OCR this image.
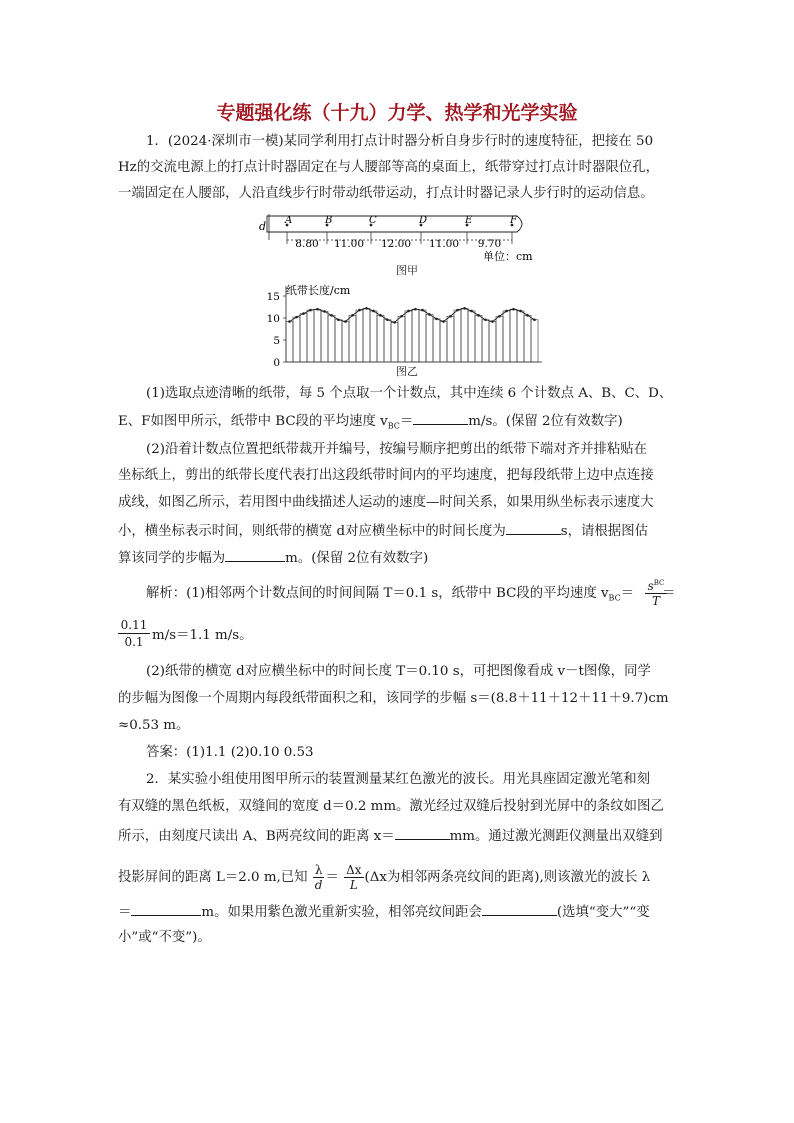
专题强化练（十九）力学、热学和光学实验
1．(2024·深圳市一模)某同学利用打点计时器分析自身步行时的速度特征，把接在 50
Hz的交流电源上的打点计时器固定在与人腰部等高的桌面上，纸带穿过打点计时器限位孔，
一端固定在人腰部，人沿直线步行时带动纸带运动，打点计时器记录人步行时的运动信息。
A	B	C	D	E	F
8.80 11.00 12.00 11.00 9.70
d
单位：cm
图甲
纸带长度/cm
0
5
10
15
图乙
(1)选取点迹清晰的纸带，每 5 个点取一个计数点，其中连续 6 个计数点 A、B、C、D、
E、F如图甲所示，纸带中 BC段的平均速度 $v_{BC}=$	m/s。(保留 2位有效数字)
(2)沿着计数点位置把纸带裁开并编号，按编号顺序把剪出的纸带下端对齐并排粘贴在
坐标纸上，剪出的纸带长度代表打出这段纸带时间内的平均速度，把每段纸带上边中点连接
成线，如图乙所示，若用图中曲线描述人运动的速度—时间关系，如果用纵坐标表示速度大
小，横坐标表示时间，则纸带的横宽 d对应横坐标中的时间长度为	s，请根据图估
算该同学的步幅为	m。(保留 2位有效数字)
解析：(1)相邻两个计数点间的时间间隔 T＝0.1 s，纸带中 BC段的平均速度 $v_{BC}= s^{BC}$
T ＝
$\frac{0.11}{0.1} m/s=1.1$ m/s。
(2)纸带的横宽 d对应横坐标中的时间长度 T＝0.10 s，可把图像看成 v－t图像，同学
的步幅为图像一个周期内每段纸带面积之和，该同学的步幅 s＝(8.8＋11＋12＋11＋9.7)cm
≈0.53 m。
答案：(1)1.1 (2)0.10 0.53
2．某实验小组使用图甲所示的装置测量某红色激光的波长。用光具座固定激光笔和刻
有双缝的黑色纸板，双缝间的宽度 d＝0.2 mm。激光经过双缝后投射到光屏中的条纹如图乙
所示，由刻度尺读出 A、B两亮纹间的距离 x＝	mm。通过激光测距仪测量出双缝到
投影屏间的距离 L＝2.0 m,已知 $\frac{\lambda}{d} = \frac{\Delta x}{L} (\Delta x$为相邻两条亮纹间的距离),则该激光的波长 λ
＝	m。如果用紫色激光重新实验，相邻亮纹间距会	(选填“变大”“变
小”或“不变”)。
